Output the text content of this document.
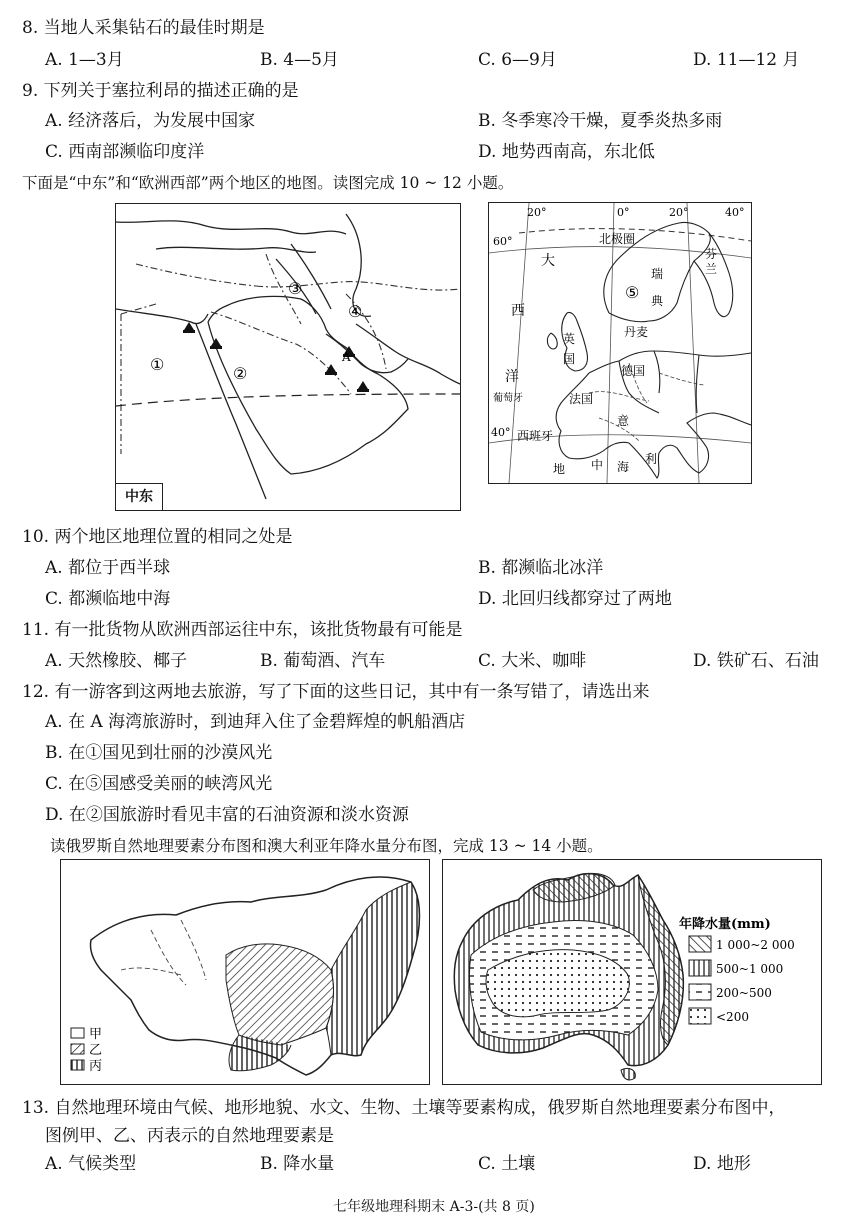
8. 当地人采集钻石的最佳时期是
A. 1—3月	B. 4—5月	C. 6—9月	D. 11—12 月
9. 下列关于塞拉利昂的描述正确的是
A. 经济落后，为发展中国家	B. 冬季寒冷干燥，夏季炎热多雨
C. 西南部濒临印度洋	D. 地势西南高，东北低
下面是“中东”和“欧洲西部”两个地区的地图。读图完成 10 ~ 12 小题。
①	②
③
④
A
中东
60°
40°
20°	0°	20°	40°
北极圈
大
西
洋
⑤
瑞
典
芬
兰
丹麦
英
国
德国
法国
葡萄牙
西班牙
意
地 中 海
利
10. 两个地区地理位置的相同之处是
A. 都位于西半球	B. 都濒临北冰洋
C. 都濒临地中海	D. 北回归线都穿过了两地
11. 有一批货物从欧洲西部运往中东，该批货物最有可能是
A. 天然橡胶、椰子	B. 葡萄酒、汽车	C. 大米、咖啡	D. 铁矿石、石油
12. 有一游客到这两地去旅游，写了下面的这些日记，其中有一条写错了，请选出来
A. 在 A 海湾旅游时，到迪拜入住了金碧辉煌的帆船酒店
B. 在①国见到壮丽的沙漠风光
C. 在⑤国感受美丽的峡湾风光
D. 在②国旅游时看见丰富的石油资源和淡水资源
读俄罗斯自然地理要素分布图和澳大利亚年降水量分布图，完成 13 ~ 14 小题。
甲
乙
丙
年降水量(mm)
1 000~2 000
500~1 000
200~500
<200
13. 自然地理环境由气候、地形地貌、水文、生物、土壤等要素构成，俄罗斯自然地理要素分布图中，
图例甲、乙、丙表示的自然地理要素是
A. 气候类型	B. 降水量	C. 土壤	D. 地形
七年级地理科期末 A-3-(共 8 页)
